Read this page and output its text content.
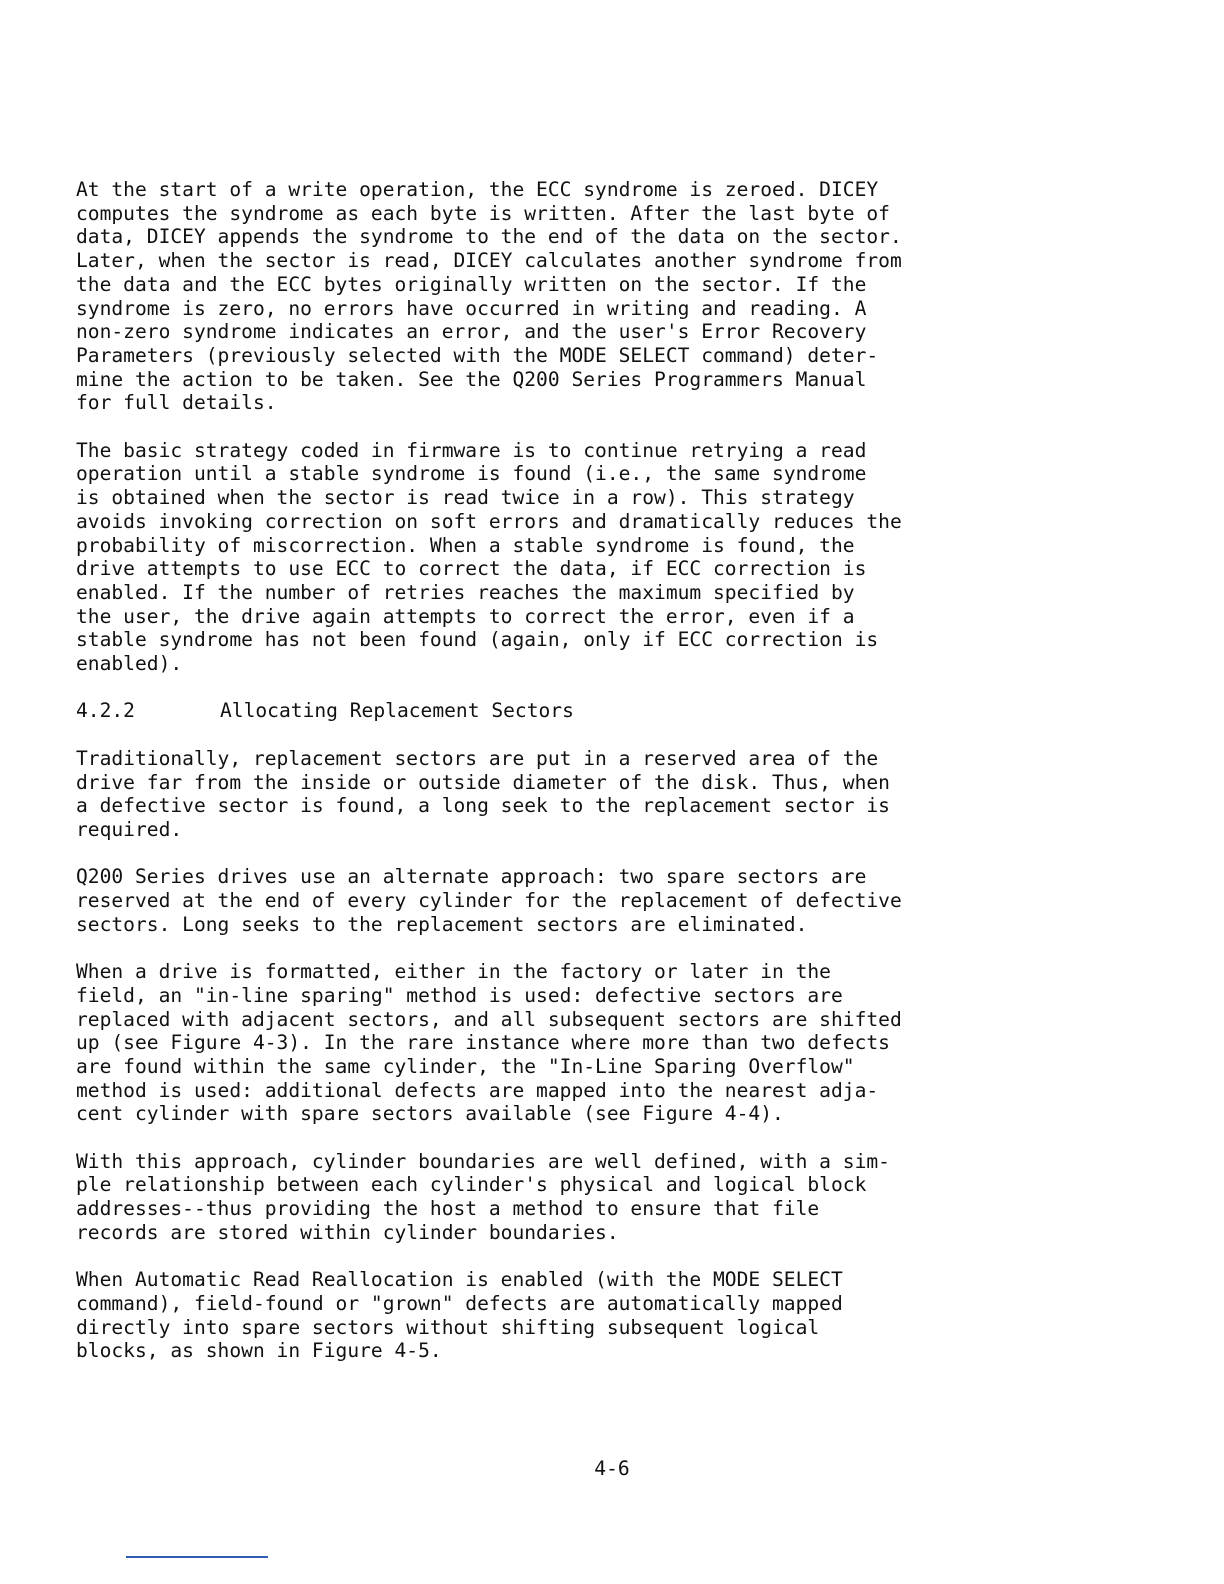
At the start of a write operation, the ECC syndrome is zeroed. DICEY
computes the syndrome as each byte is written. After the last byte of
data, DICEY appends the syndrome to the end of the data on the sector.
Later, when the sector is read, DICEY calculates another syndrome from
the data and the ECC bytes originally written on the sector. If the
syndrome is zero, no errors have occurred in writing and reading. A
non-zero syndrome indicates an error, and the user's Error Recovery
Parameters (previously selected with the MODE SELECT command) deter-
mine the action to be taken. See the Q200 Series Programmers Manual
for full details.

The basic strategy coded in firmware is to continue retrying a read
operation until a stable syndrome is found (i.e., the same syndrome
is obtained when the sector is read twice in a row). This strategy
avoids invoking correction on soft errors and dramatically reduces the
probability of miscorrection. When a stable syndrome is found, the
drive attempts to use ECC to correct the data, if ECC correction is
enabled. If the number of retries reaches the maximum specified by
the user, the drive again attempts to correct the error, even if a
stable syndrome has not been found (again, only if ECC correction is
enabled).

4.2.2	Allocating Replacement Sectors

Traditionally, replacement sectors are put in a reserved area of the
drive far from the inside or outside diameter of the disk. Thus, when
a defective sector is found, a long seek to the replacement sector is
required.

Q200 Series drives use an alternate approach: two spare sectors are
reserved at the end of every cylinder for the replacement of defective
sectors. Long seeks to the replacement sectors are eliminated.

When a drive is formatted, either in the factory or later in the
field, an "in-line sparing" method is used: defective sectors are
replaced with adjacent sectors, and all subsequent sectors are shifted
up (see Figure 4-3). In the rare instance where more than two defects
are found within the same cylinder, the "In-Line Sparing Overflow"
method is used: additional defects are mapped into the nearest adja-
cent cylinder with spare sectors available (see Figure 4-4).

With this approach, cylinder boundaries are well defined, with a sim-
ple relationship between each cylinder's physical and logical block
addresses--thus providing the host a method to ensure that file
records are stored within cylinder boundaries.

When Automatic Read Reallocation is enabled (with the MODE SELECT
command), field-found or "grown" defects are automatically mapped
directly into spare sectors without shifting subsequent logical
blocks, as shown in Figure 4-5.

4-6
